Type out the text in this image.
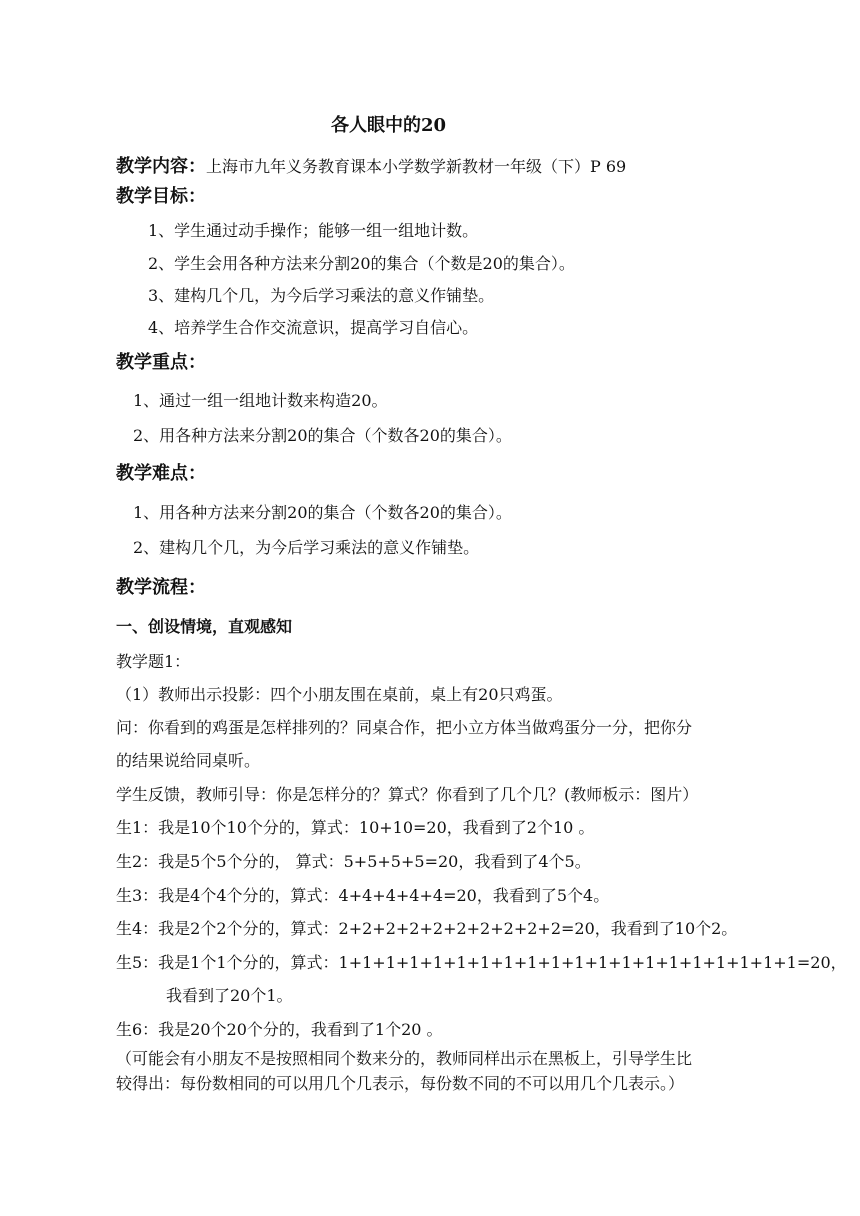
各人眼中的20
教学内容：上海市九年义务教育课本小学数学新教材一年级（下）P 69
教学目标：
1、学生通过动手操作；能够一组一组地计数。
2、学生会用各种方法来分割20的集合（个数是20的集合）。
3、建构几个几，为今后学习乘法的意义作铺垫。
4、培养学生合作交流意识，提高学习自信心。
教学重点：
1、通过一组一组地计数来构造20。
2、用各种方法来分割20的集合（个数各20的集合）。
教学难点：
1、用各种方法来分割20的集合（个数各20的集合）。
2、建构几个几，为今后学习乘法的意义作铺垫。
教学流程：
一、创设情境，直观感知
教学题1：
（1）教师出示投影：四个小朋友围在桌前，桌上有20只鸡蛋。
问：你看到的鸡蛋是怎样排列的？同桌合作，把小立方体当做鸡蛋分一分，把你分
的结果说给同桌听。
学生反馈，教师引导：你是怎样分的？算式？你看到了几个几？(教师板示：图片）
生1：我是10个10个分的，算式：10+10=20，我看到了2个10 。
生2：我是5个5个分的， 算式：5+5+5+5=20，我看到了4个5。
生3：我是4个4个分的，算式：4+4+4+4+4=20，我看到了5个4。
生4：我是2个2个分的，算式：2+2+2+2+2+2+2+2+2+2=20，我看到了10个2。
生5：我是1个1个分的，算式：1+1+1+1+1+1+1+1+1+1+1+1+1+1+1+1+1+1+1+1=20，
我看到了20个1。
生6：我是20个20个分的，我看到了1个20 。
（可能会有小朋友不是按照相同个数来分的，教师同样出示在黑板上，引导学生比
较得出：每份数相同的可以用几个几表示，每份数不同的不可以用几个几表示。）
